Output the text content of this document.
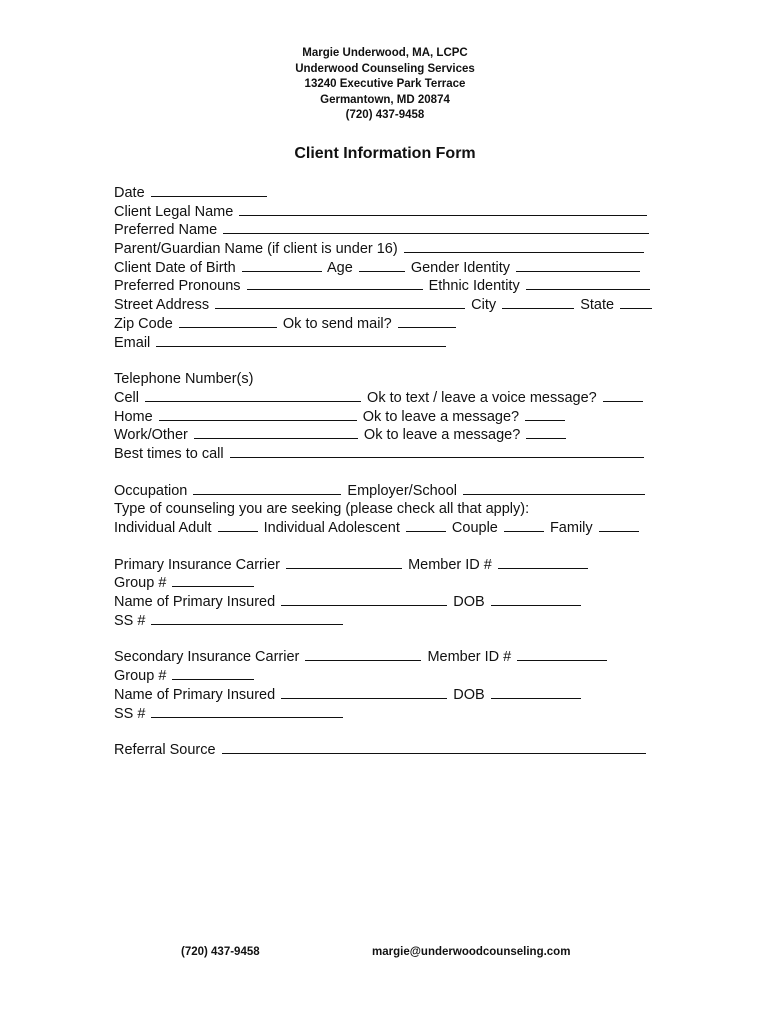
Margie Underwood, MA, LCPC
Underwood Counseling Services
13240 Executive Park Terrace
Germantown, MD 20874
(720) 437-9458
Client Information Form
Date
Client Legal Name
Preferred Name
Parent/Guardian Name (if client is under 16)
Client Date of Birth	Age	Gender Identity
Preferred Pronouns	Ethnic Identity
Street Address	City	State
Zip Code	Ok to send mail?
Email
Telephone Number(s)
Cell	Ok to text / leave a voice message?
Home	Ok to leave a message?
Work/Other	Ok to leave a message?
Best times to call
Occupation	Employer/School
Type of counseling you are seeking (please check all that apply):
Individual Adult	Individual Adolescent	Couple	Family
Primary Insurance Carrier	Member ID #
Group #
Name of Primary Insured	DOB
SS #
Secondary Insurance Carrier	Member ID #
Group #
Name of Primary Insured	DOB
SS #
Referral Source
(720) 437-9458	margie@underwoodcounseling.com
